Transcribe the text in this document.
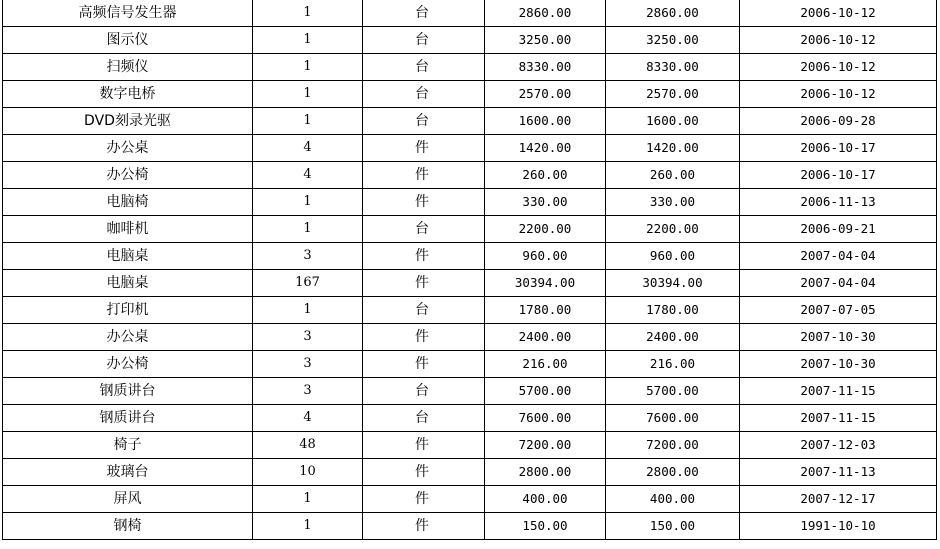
高频信号发生器	1	台	2860.00	2860.00	2006-10-12
图示仪	1	台	3250.00	3250.00	2006-10-12
扫频仪	1	台	8330.00	8330.00	2006-10-12
数字电桥	1	台	2570.00	2570.00	2006-10-12
DVD刻录光驱	1	台	1600.00	1600.00	2006-09-28
办公桌	4	件	1420.00	1420.00	2006-10-17
办公椅	4	件	260.00	260.00	2006-10-17
电脑椅	1	件	330.00	330.00	2006-11-13
咖啡机	1	台	2200.00	2200.00	2006-09-21
电脑桌	3	件	960.00	960.00	2007-04-04
电脑桌	167	件	30394.00	30394.00	2007-04-04
打印机	1	台	1780.00	1780.00	2007-07-05
办公桌	3	件	2400.00	2400.00	2007-10-30
办公椅	3	件	216.00	216.00	2007-10-30
钢质讲台	3	台	5700.00	5700.00	2007-11-15
钢质讲台	4	台	7600.00	7600.00	2007-11-15
椅子	48	件	7200.00	7200.00	2007-12-03
玻璃台	10	件	2800.00	2800.00	2007-11-13
屏风	1	件	400.00	400.00	2007-12-17
钢椅	1	件	150.00	150.00	1991-10-10
